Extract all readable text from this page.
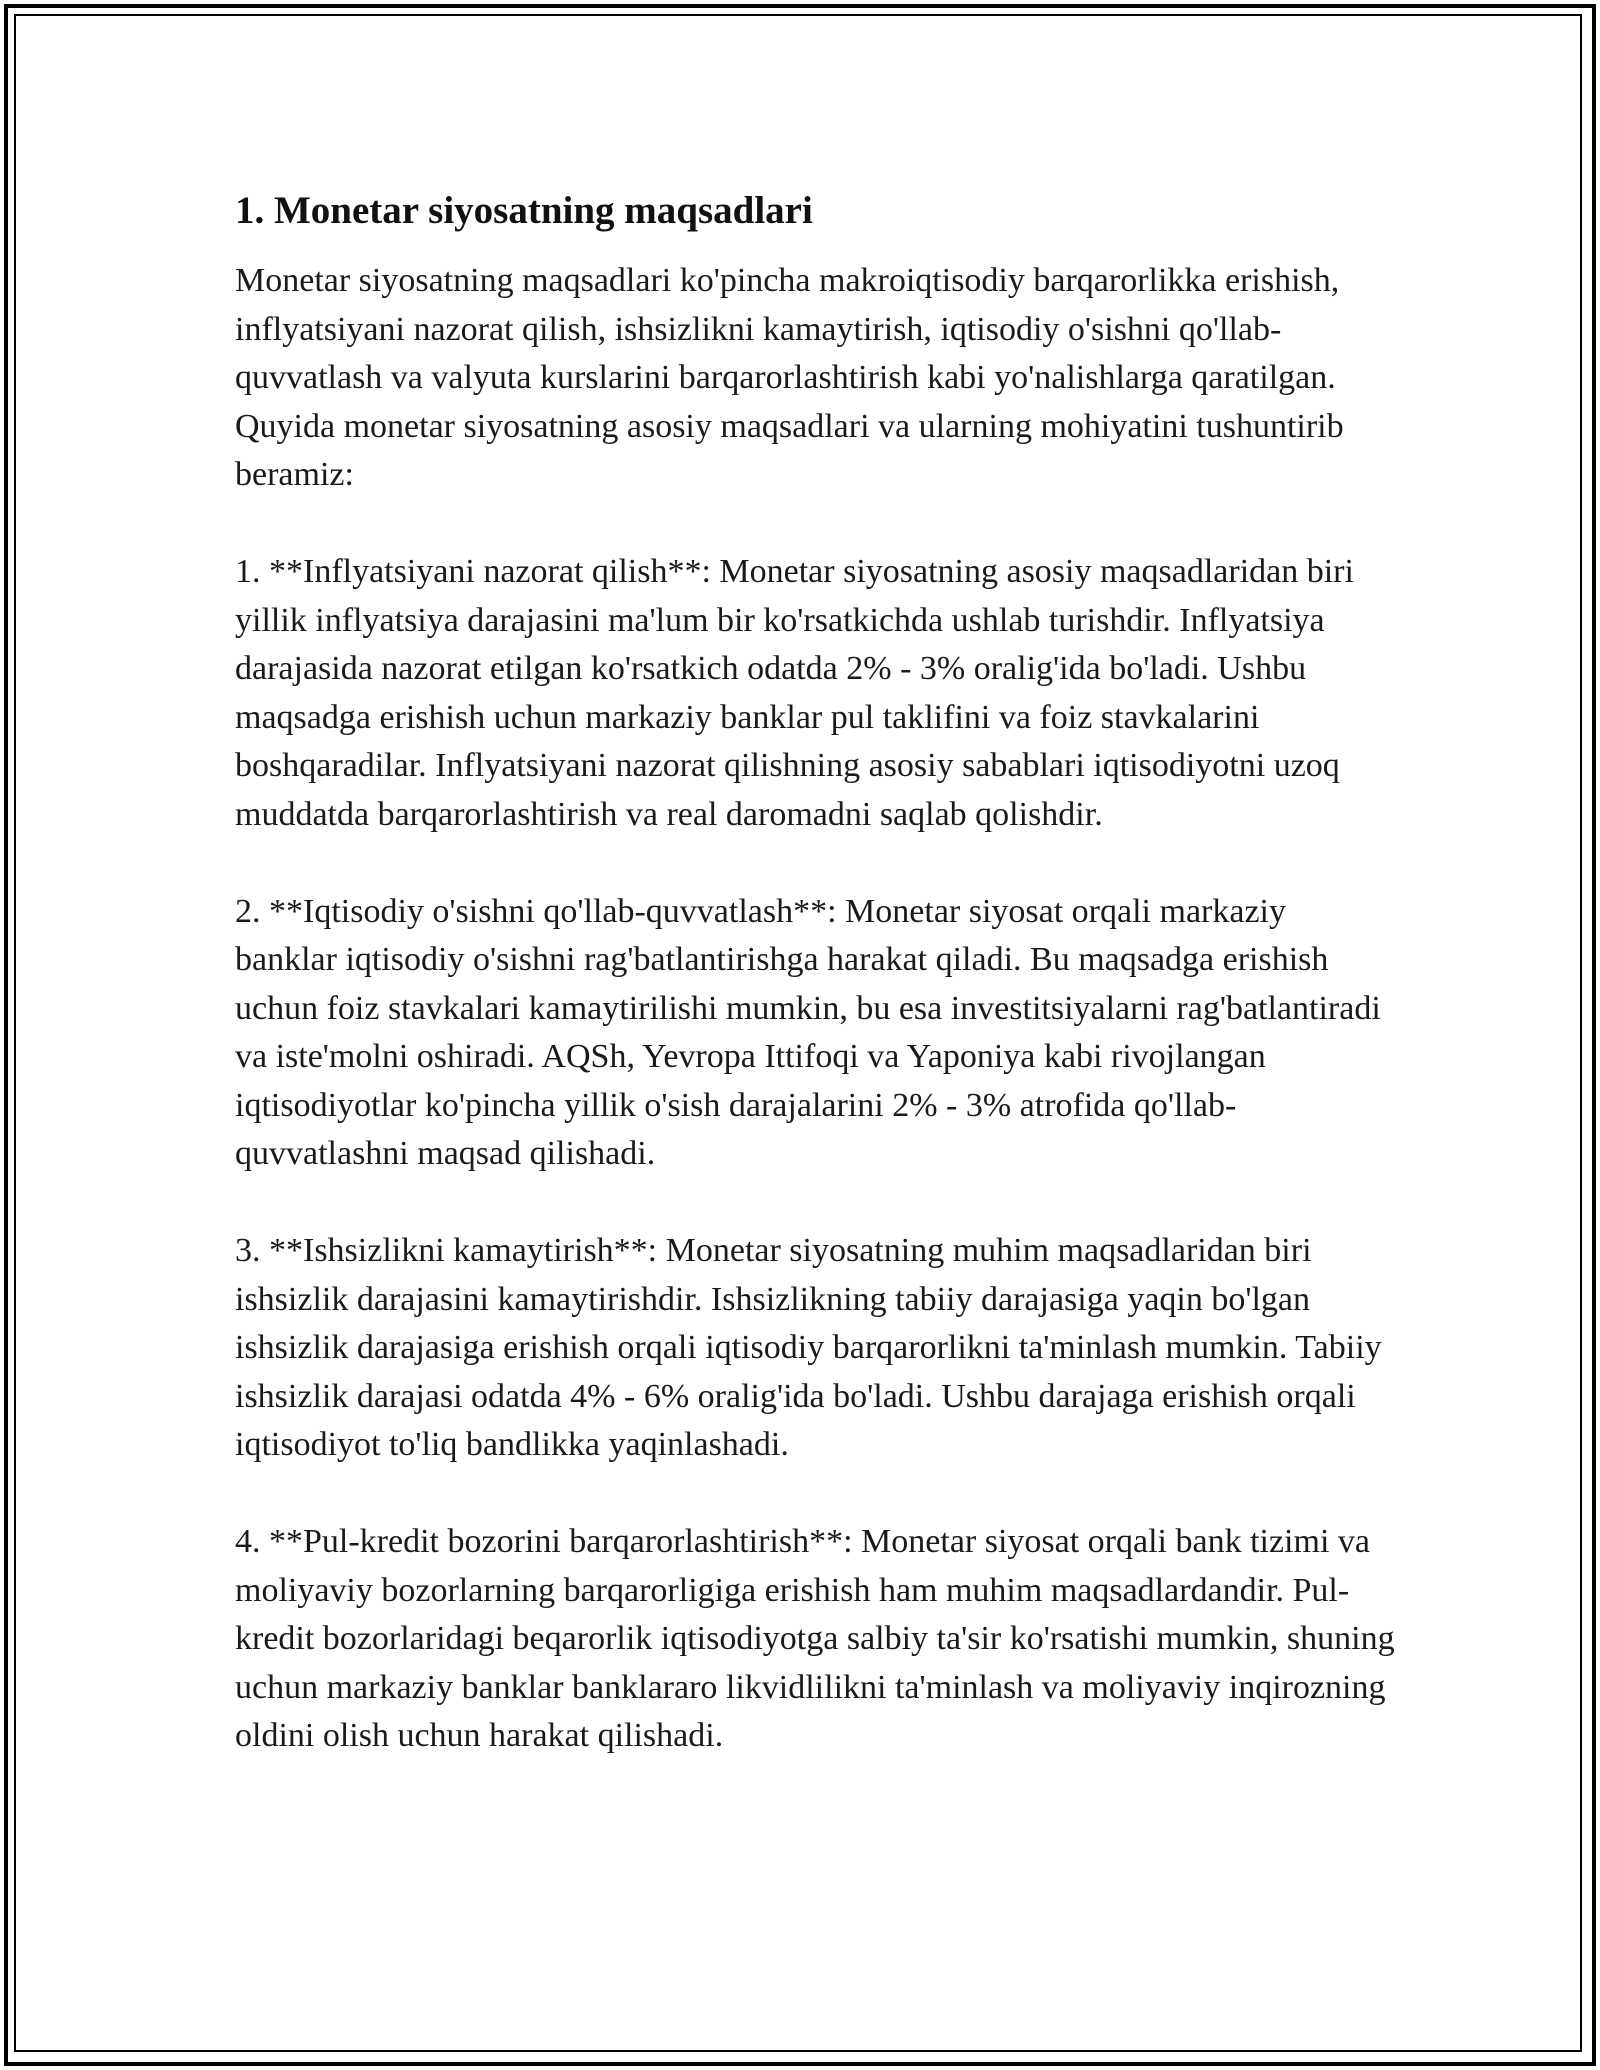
1. Monetar siyosatning maqsadlari

Monetar siyosatning maqsadlari ko'pincha makroiqtisodiy barqarorlikka erishish, inflyatsiyani nazorat qilish, ishsizlikni kamaytirish, iqtisodiy o'sishni qo'llab-quvvatlash va valyuta kurslarini barqarorlashtirish kabi yo'nalishlarga qaratilgan. Quyida monetar siyosatning asosiy maqsadlari va ularning mohiyatini tushuntirib beramiz:

1. **Inflyatsiyani nazorat qilish**: Monetar siyosatning asosiy maqsadlaridan biri yillik inflyatsiya darajasini ma'lum bir ko'rsatkichda ushlab turishdir. Inflyatsiya darajasida nazorat etilgan ko'rsatkich odatda 2% - 3% oralig'ida bo'ladi. Ushbu maqsadga erishish uchun markaziy banklar pul taklifini va foiz stavkalarini boshqaradilar. Inflyatsiyani nazorat qilishning asosiy sabablari iqtisodiyotni uzoq muddatda barqarorlashtirish va real daromadni saqlab qolishdir.

2. **Iqtisodiy o'sishni qo'llab-quvvatlash**: Monetar siyosat orqali markaziy banklar iqtisodiy o'sishni rag'batlantirishga harakat qiladi. Bu maqsadga erishish uchun foiz stavkalari kamaytirilishi mumkin, bu esa investitsiyalarni rag'batlantiradi va iste'molni oshiradi. AQSh, Yevropa Ittifoqi va Yaponiya kabi rivojlangan iqtisodiyotlar ko'pincha yillik o'sish darajalarini 2% - 3% atrofida qo'llab-quvvatlashni maqsad qilishadi.

3. **Ishsizlikni kamaytirish**: Monetar siyosatning muhim maqsadlaridan biri ishsizlik darajasini kamaytirishdir. Ishsizlikning tabiiy darajasiga yaqin bo'lgan ishsizlik darajasiga erishish orqali iqtisodiy barqarorlikni ta'minlash mumkin. Tabiiy ishsizlik darajasi odatda 4% - 6% oralig'ida bo'ladi. Ushbu darajaga erishish orqali iqtisodiyot to'liq bandlikka yaqinlashadi.

4. **Pul-kredit bozorini barqarorlashtirish**: Monetar siyosat orqali bank tizimi va moliyaviy bozorlarning barqarorligiga erishish ham muhim maqsadlardandir. Pul-kredit bozorlaridagi beqarorlik iqtisodiyotga salbiy ta'sir ko'rsatishi mumkin, shuning uchun markaziy banklar banklararo likvidlilikni ta'minlash va moliyaviy inqirozning oldini olish uchun harakat qilishadi.
